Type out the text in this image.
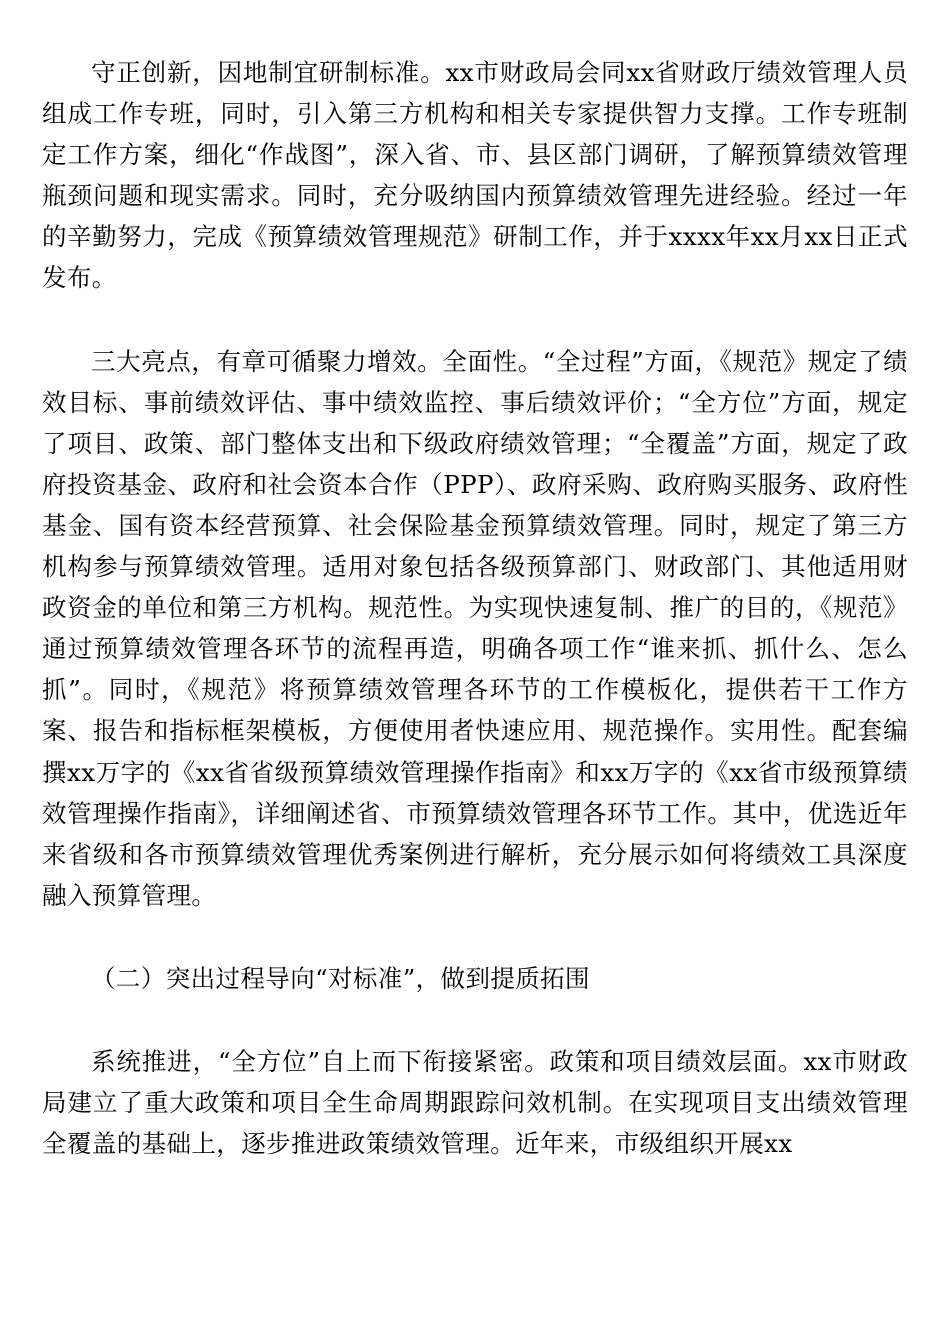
守正创新，因地制宜研制标准。xx市财政局会同xx省财政厅绩效管理人员组成工作专班，同时，引入第三方机构和相关专家提供智力支撑。工作专班制定工作方案，细化“作战图”，深入省、市、县区部门调研，了解预算绩效管理瓶颈问题和现实需求。同时，充分吸纳国内预算绩效管理先进经验。经过一年的辛勤努力，完成《预算绩效管理规范》研制工作，并于xxxx年xx月xx日正式发布。

三大亮点，有章可循聚力增效。全面性。“全过程”方面，《规范》规定了绩效目标、事前绩效评估、事中绩效监控、事后绩效评价；“全方位”方面，规定了项目、政策、部门整体支出和下级政府绩效管理；“全覆盖”方面，规定了政府投资基金、政府和社会资本合作（PPP）、政府采购、政府购买服务、政府性基金、国有资本经营预算、社会保险基金预算绩效管理。同时，规定了第三方机构参与预算绩效管理。适用对象包括各级预算部门、财政部门、其他适用财政资金的单位和第三方机构。规范性。为实现快速复制、推广的目的，《规范》通过预算绩效管理各环节的流程再造，明确各项工作“谁来抓、抓什么、怎么抓”。同时，《规范》将预算绩效管理各环节的工作模板化，提供若干工作方案、报告和指标框架模板，方便使用者快速应用、规范操作。实用性。配套编撰xx万字的《xx省省级预算绩效管理操作指南》和xx万字的《xx省市级预算绩效管理操作指南》，详细阐述省、市预算绩效管理各环节工作。其中，优选近年来省级和各市预算绩效管理优秀案例进行解析，充分展示如何将绩效工具深度融入预算管理。

（二）突出过程导向“对标准”，做到提质拓围

系统推进，“全方位”自上而下衔接紧密。政策和项目绩效层面。xx市财政局建立了重大政策和项目全生命周期跟踪问效机制。在实现项目支出绩效管理全覆盖的基础上，逐步推进政策绩效管理。近年来，市级组织开展xx
